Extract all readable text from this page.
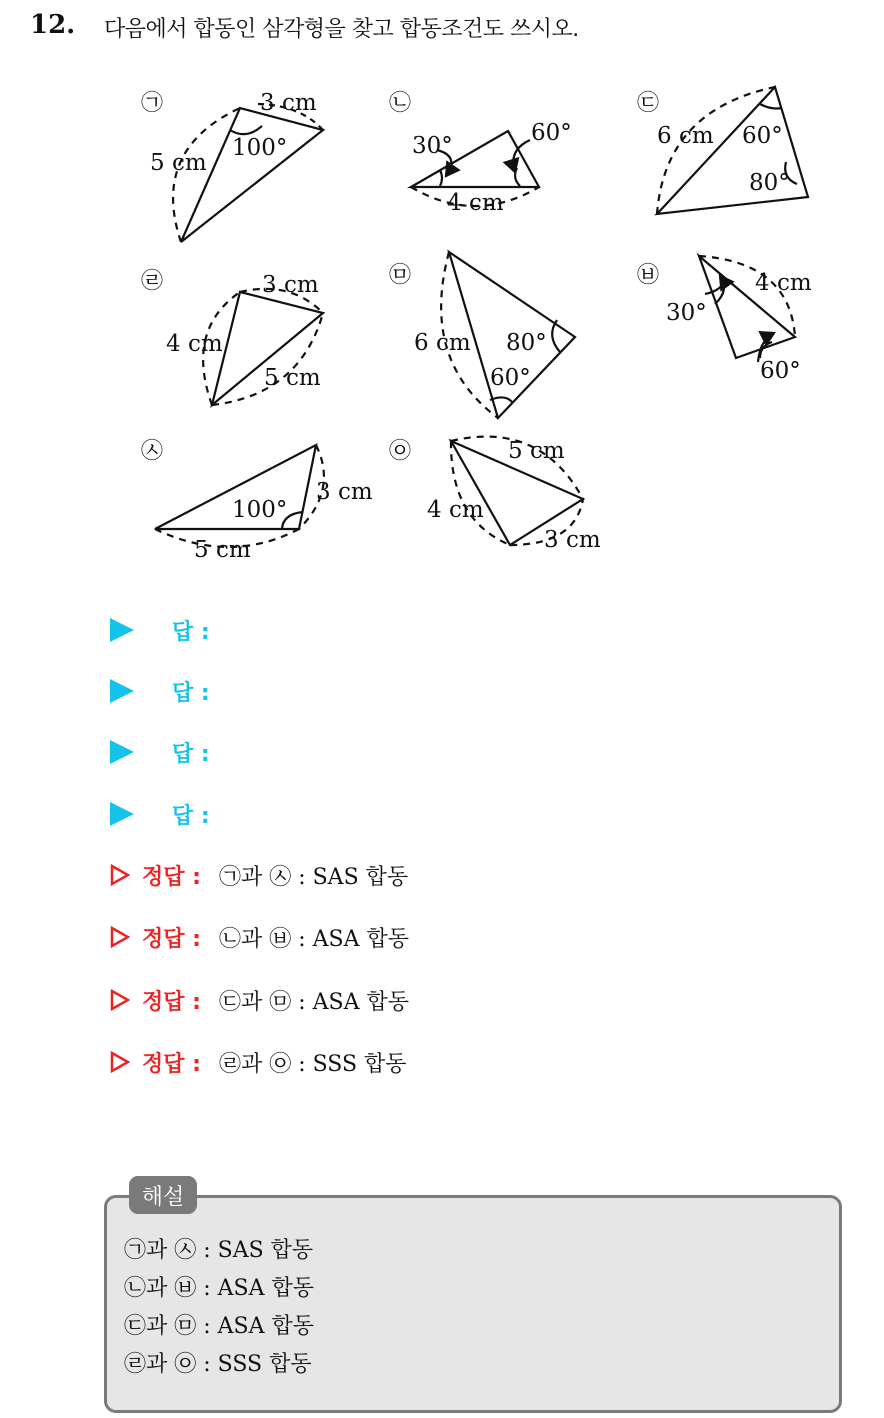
12. 다음에서 합동인 삼각형을 찾고 합동조건도 쓰시오.
㉠	㉡	㉢
㉣	㉤	㉥
㉦	㉧
3 cm
5 cm
100°	30°	60°
4 cm
6 cm 60°
80°
3 cm
4 cm
5 cm
6 cm 80°
60°
4 cm
30°
60°
100°
3 cm
5 cm
5 cm
4 cm
3 cm
답 :
답 :
답 :
답 :
정답 : ㉠과 ㉦ : SAS 합동
정답 : ㉡과 ㉥ : ASA 합동
정답 : ㉢과 ㉤ : ASA 합동
정답 : ㉣과 ㉧ : SSS 합동
해설
㉠과 ㉦ : SAS 합동
㉡과 ㉥ : ASA 합동
㉢과 ㉤ : ASA 합동
㉣과 ㉧ : SSS 합동
